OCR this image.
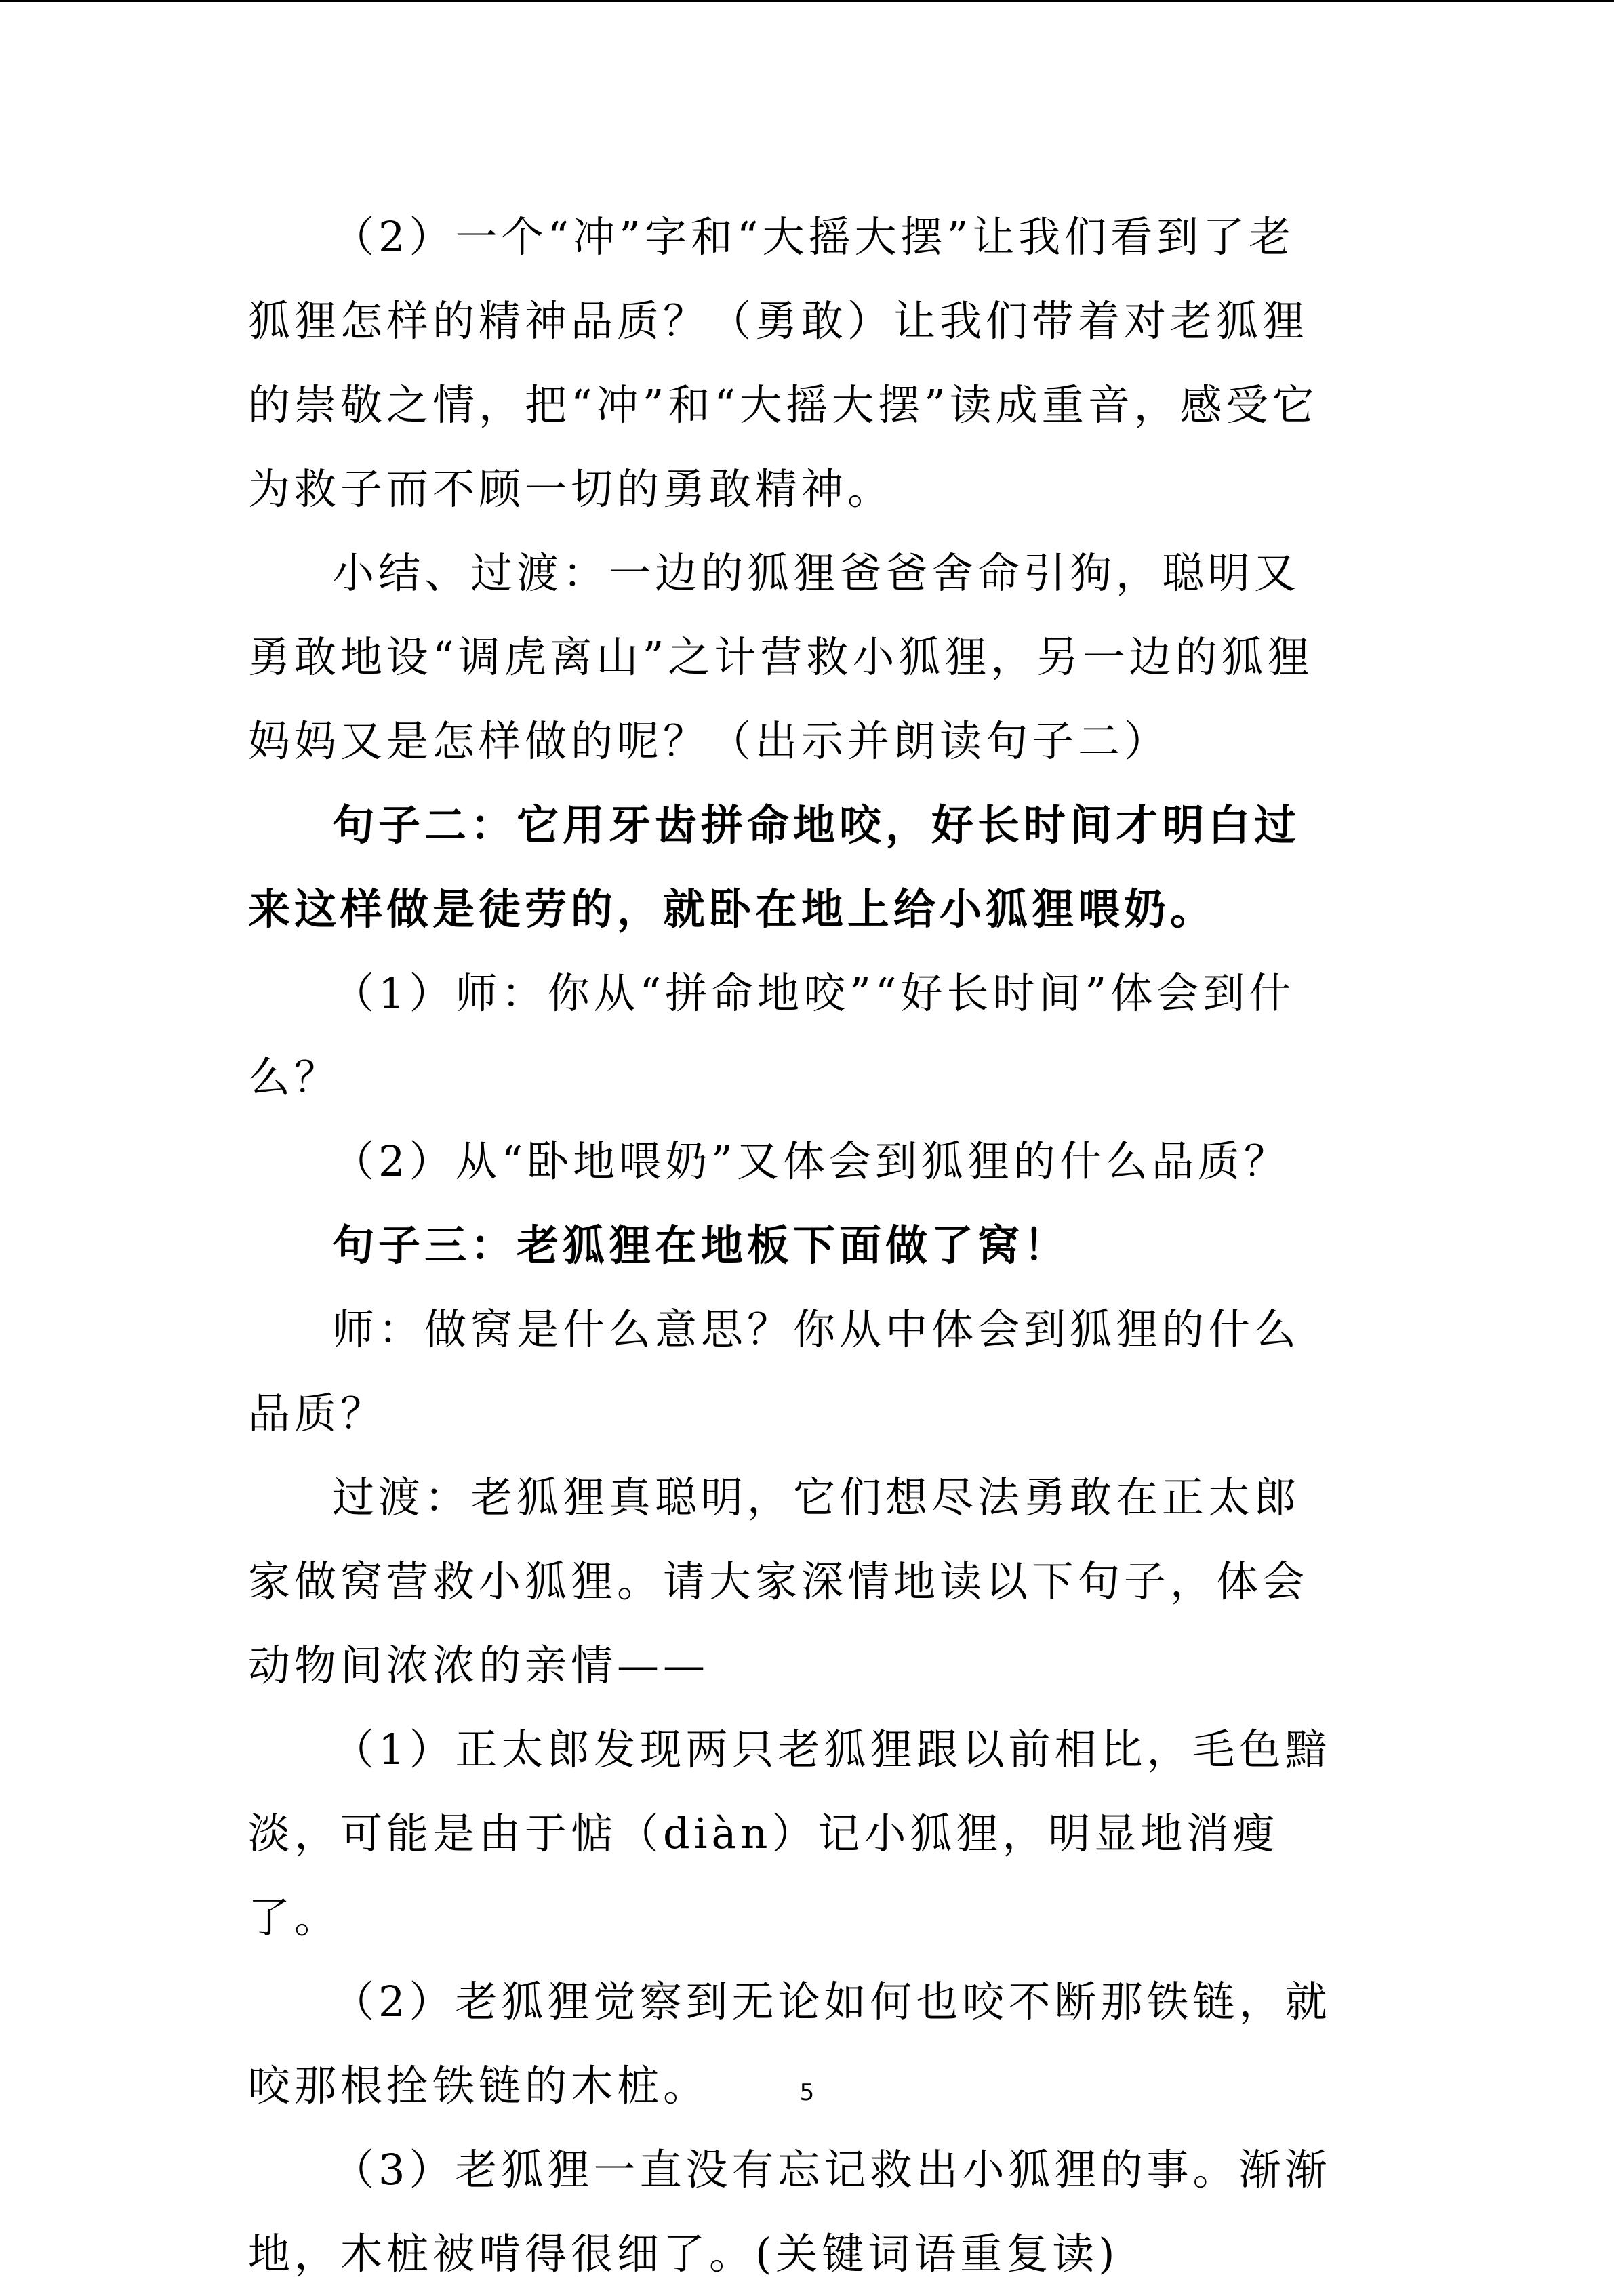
（2）一个“冲”字和“大摇大摆”让我们看到了老狐狸怎样的精神品质？（勇敢）让我们带着对老狐狸的崇敬之情，把“冲”和“大摇大摆”读成重音，感受它为救子而不顾一切的勇敢精神。

小结、过渡：一边的狐狸爸爸舍命引狗，聪明又勇敢地设“调虎离山”之计营救小狐狸，另一边的狐狸妈妈又是怎样做的呢？（出示并朗读句子二）

句子二：它用牙齿拼命地咬，好长时间才明白过来这样做是徒劳的，就卧在地上给小狐狸喂奶。

（1）师：你从“拼命地咬”“好长时间”体会到什么？

（2）从“卧地喂奶”又体会到狐狸的什么品质？

句子三：老狐狸在地板下面做了窝！

师：做窝是什么意思？你从中体会到狐狸的什么品质？

过渡：老狐狸真聪明，它们想尽法勇敢在正太郎家做窝营救小狐狸。请大家深情地读以下句子，体会动物间浓浓的亲情——

（1）正太郎发现两只老狐狸跟以前相比，毛色黯淡，可能是由于惦（diàn）记小狐狸，明显地消瘦了。

（2）老狐狸觉察到无论如何也咬不断那铁链，就咬那根拴铁链的木桩。

（3）老狐狸一直没有忘记救出小狐狸的事。渐渐地，木桩被啃得很细了。(关键词语重复读)

5
